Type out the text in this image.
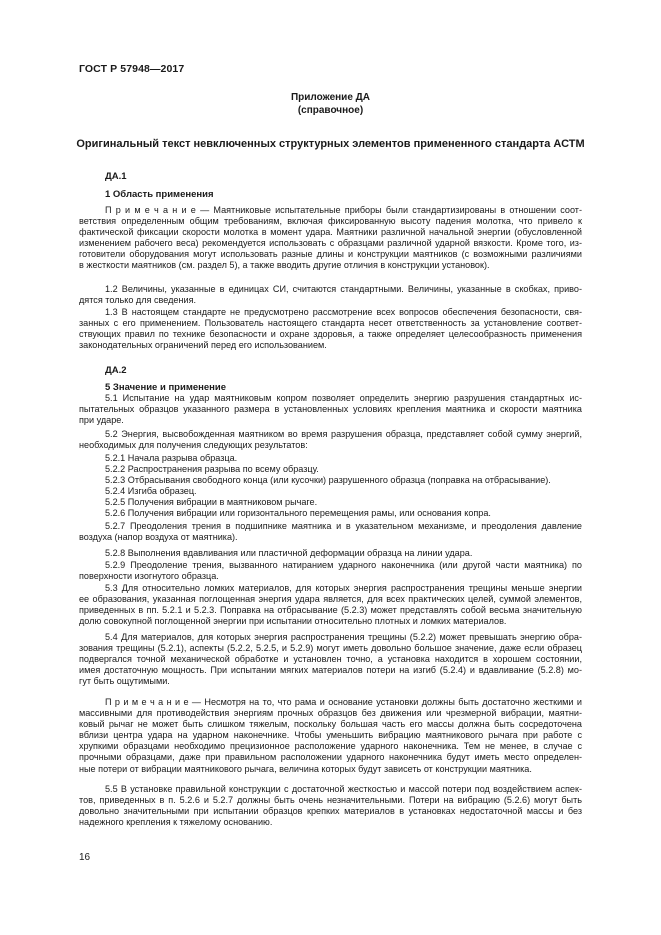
ГОСТ Р 57948—2017
Приложение ДА
(справочное)
Оригинальный текст невключенных структурных элементов примененного стандарта АСТМ
ДА.1
1 Область применения
П р и м е ч а н и е — Маятниковые испытательные приборы были стандартизированы в отношении соот-
ветствия определенным общим требованиям, включая фиксированную высоту падения молотка, что привело к
фактической фиксации скорости молотка в момент удара. Маятники различной начальной энергии (обусловленной
изменением рабочего веса) рекомендуется использовать с образцами различной ударной вязкости. Кроме того, из-
готовители оборудования могут использовать разные длины и конструкции маятников (с возможными различиями
в жесткости маятников (см. раздел 5), а также вводить другие отличия в конструкции установок).
1.2 Величины, указанные в единицах СИ, считаются стандартными. Величины, указанные в скобках, приво-
дятся только для сведения.
1.3 В настоящем стандарте не предусмотрено рассмотрение всех вопросов обеспечения безопасности, свя-
занных с его применением. Пользователь настоящего стандарта несет ответственность за установление соответ-
ствующих правил по технике безопасности и охране здоровья, а также определяет целесообразность применения
законодательных ограничений перед его использованием.
ДА.2
5 Значение и применение
5.1 Испытание на удар маятниковым копром позволяет определить энергию разрушения стандартных ис-
пытательных образцов указанного размера в установленных условиях крепления маятника и скорости маятника
при ударе.
5.2 Энергия, высвобожденная маятником во время разрушения образца, представляет собой сумму энергий,
необходимых для получения следующих результатов:
5.2.1 Начала разрыва образца.
5.2.2 Распространения разрыва по всему образцу.
5.2.3 Отбрасывания свободного конца (или кусочки) разрушенного образца (поправка на отбрасывание).
5.2.4 Изгиба образец.
5.2.5 Получения вибрации в маятниковом рычаге.
5.2.6 Получения вибрации или горизонтального перемещения рамы, или основания копра.
5.2.7 Преодоления трения в подшипнике маятника и в указательном механизме, и преодоления давление
воздуха (напор воздуха от маятника).
5.2.8 Выполнения вдавливания или пластичной деформации образца на линии удара.
5.2.9 Преодоление трения, вызванного натиранием ударного наконечника (или другой части маятника) по
поверхности изогнутого образца.
5.3 Для относительно ломких материалов, для которых энергия распространения трещины меньше энергии
ее образования, указанная поглощенная энергия удара является, для всех практических целей, суммой элементов,
приведенных в пп. 5.2.1 и 5.2.3. Поправка на отбрасывание (5.2.3) может представлять собой весьма значительную
долю совокупной поглощенной энергии при испытании относительно плотных и ломких материалов.
5.4 Для материалов, для которых энергия распространения трещины (5.2.2) может превышать энергию обра-
зования трещины (5.2.1), аспекты (5.2.2, 5.2.5, и 5.2.9) могут иметь довольно большое значение, даже если образец
подвергался точной механической обработке и установлен точно, а установка находится в хорошем состоянии,
имея достаточную мощность. При испытании мягких материалов потери на изгиб (5.2.4) и вдавливание (5.2.8) мо-
гут быть ощутимыми.
П р и м е ч а н и е — Несмотря на то, что рама и основание установки должны быть достаточно жесткими и
массивными для противодействия энергиям прочных образцов без движения или чрезмерной вибрации, маятни-
ковый рычаг не может быть слишком тяжелым, поскольку большая часть его массы должна быть сосредоточена
вблизи центра удара на ударном наконечнике. Чтобы уменьшить вибрацию маятникового рычага при работе с
хрупкими образцами необходимо прецизионное расположение ударного наконечника. Тем не менее, в случае с
прочными образцами, даже при правильном расположении ударного наконечника будут иметь место определен-
ные потери от вибрации маятникового рычага, величина которых будут зависеть от конструкции маятника.
5.5 В установке правильной конструкции с достаточной жесткостью и массой потери под воздействием аспек-
тов, приведенных в п. 5.2.6 и 5.2.7 должны быть очень незначительными. Потери на вибрацию (5.2.6) могут быть
довольно значительными при испытании образцов крепких материалов в установках недостаточной массы и без
надежного крепления к тяжелому основанию.
16
